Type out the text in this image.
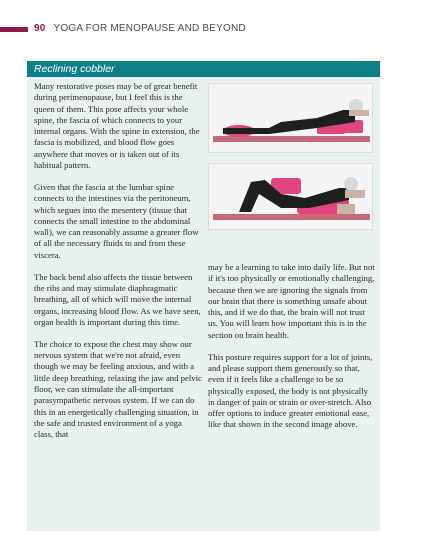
90 YOGA FOR MENOPAUSE AND BEYOND
Reclining cobbler

Many restorative poses may be of great benefit during perimenopause, but I feel this is the queen of them. This pose affects your whole spine, the fascia of which connects to your internal organs. With the spine in extension, the fascia is mobilized, and blood flow goes anywhere that moves or is taken out of its habitual pattern.

Given that the fascia at the lumbar spine connects to the intestines via the peritoneum, which segues into the mesentery (tissue that connects the small intestine to the abdominal wall), we can reasonably assume a greater flow of all the necessary fluids to and from these viscera.

The back bend also affects the tissue between the ribs and may stimulate diaphragmatic breathing, all of which will move the internal organs, increasing blood flow. As we have seen, organ health is important during this time.

The choice to expose the chest may show our nervous system that we're not afraid, even though we may be feeling anxious, and with a little deep breathing, relaxing the jaw and pelvic floor, we can stimulate the all-important parasympathetic nervous system. If we can do this in an energetically challenging situation, in the safe and trusted environment of a yoga class, that

may be a learning to take into daily life. But not if it's too physically or emotionally challenging, because then we are ignoring the signals from our brain that there is something unsafe about this, and if we do that, the brain will not trust us. You will learn how important this is in the section on brain health.

This posture requires support for a lot of joints, and please support them generously so that, even if it feels like a challenge to be so physically exposed, the body is not physically in danger of pain or strain or over-stretch. Also offer options to induce greater emotional ease, like that shown in the second image above.
